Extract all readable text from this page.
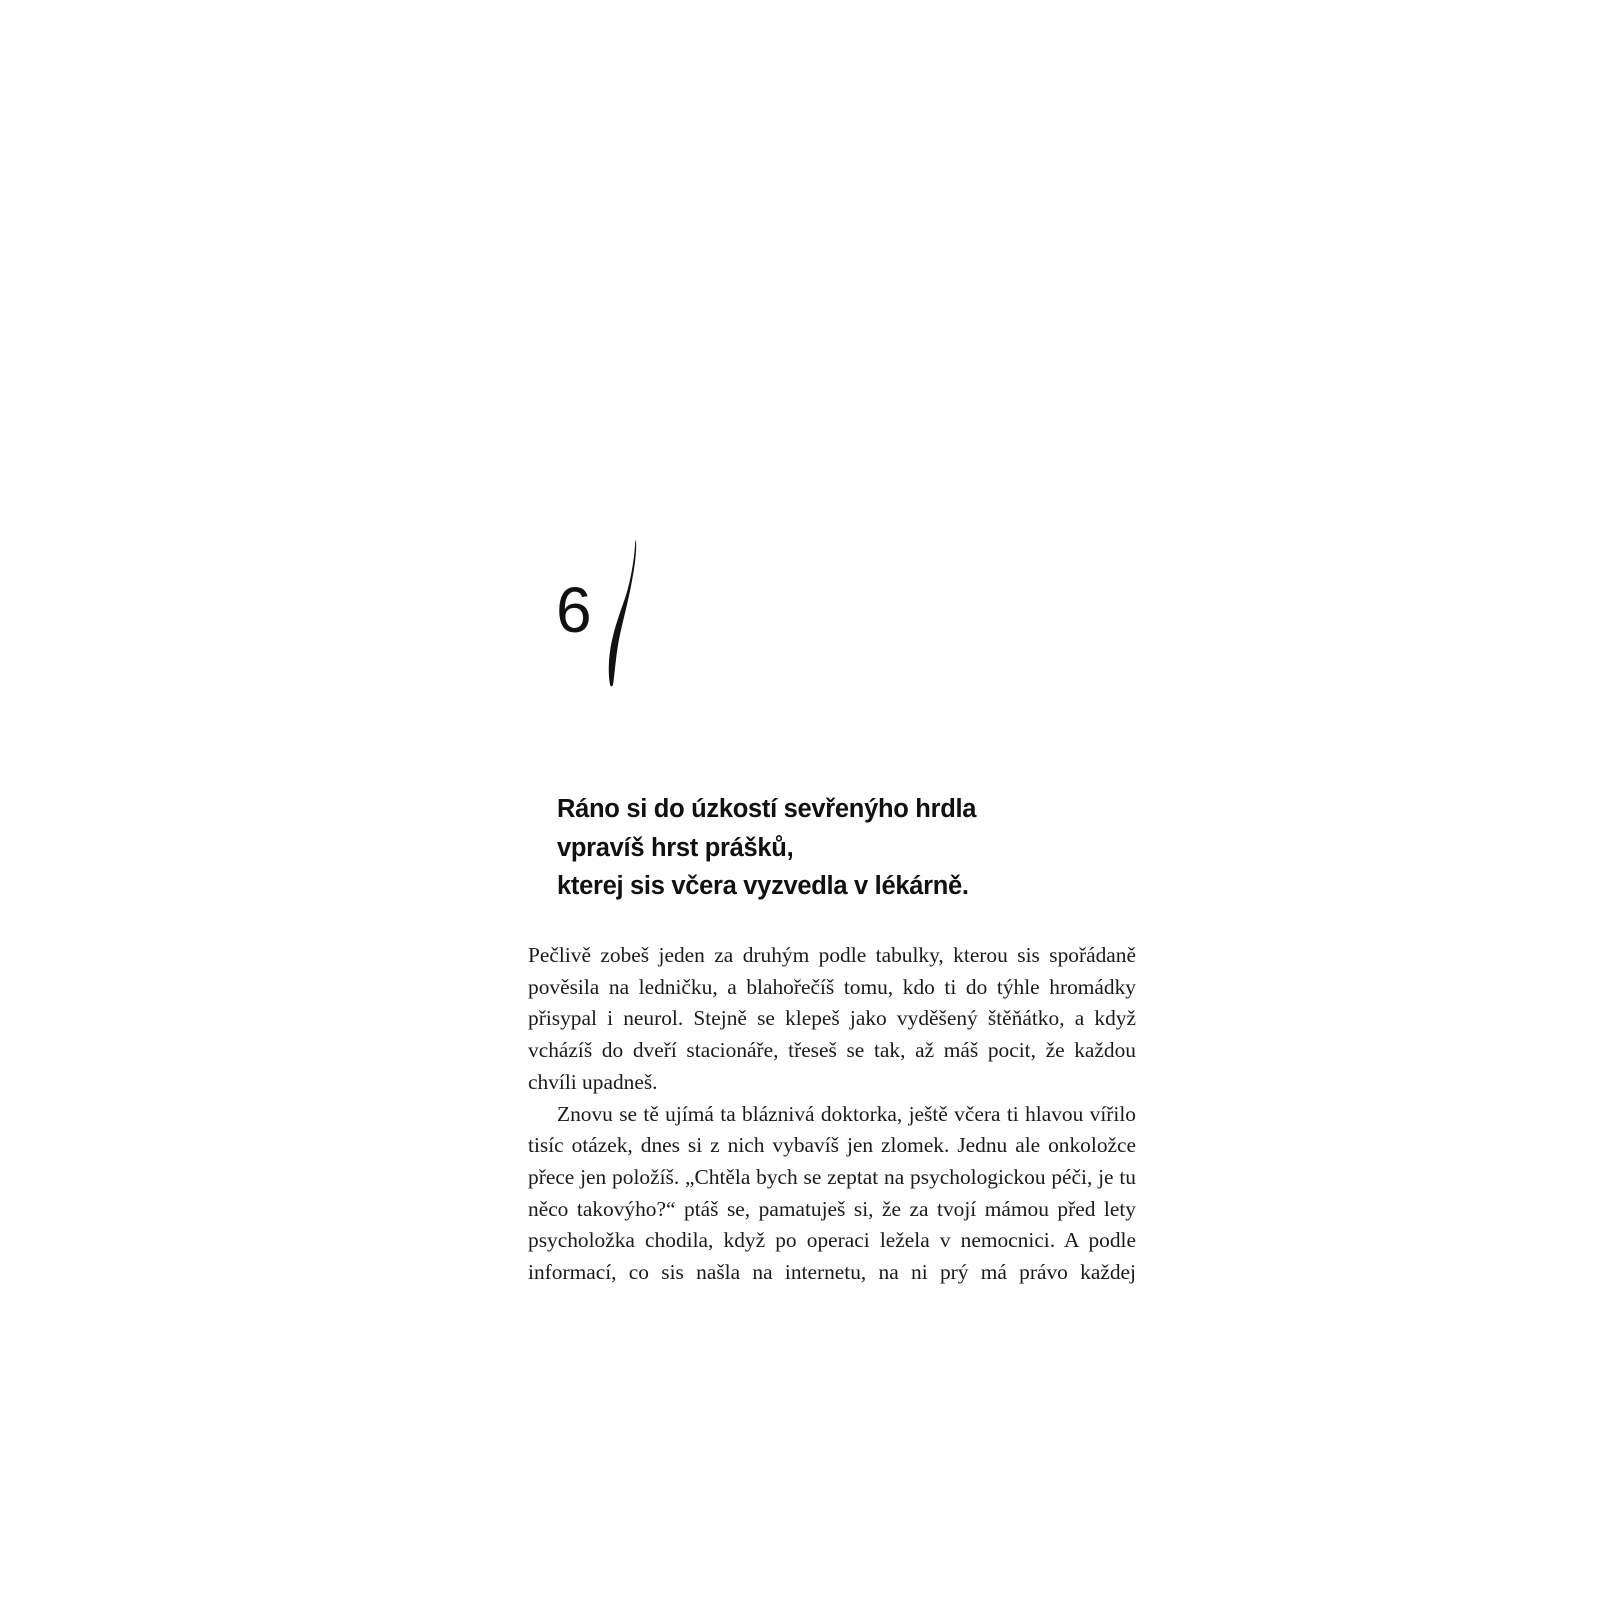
6
Ráno si do úzkostí sevřenýho hrdla
vpravíš hrst prášků,
kterej sis včera vyzvedla v lékárně.

Pečlivě zobeš jeden za druhým podle tabulky, kterou sis spořádaně pověsila na ledničku, a blahořečíš tomu, kdo ti do týhle hromádky přisypal i neurol. Stejně se klepeš jako vyděšený štěňátko, a když vcházíš do dveří stacionáře, třeseš se tak, až máš pocit, že každou chvíli upadneš.

Znovu se tě ujímá ta bláznivá doktorka, ještě včera ti hlavou vířilo tisíc otázek, dnes si z nich vybavíš jen zlomek. Jednu ale onkoložce přece jen položíš. „Chtěla bych se zeptat na psychologickou péči, je tu něco takovýho?“ ptáš se, pamatuješ si, že za tvojí mámou před lety psycholožka chodila, když po operaci ležela v nemocnici. A podle informací, co sis našla na internetu, na ni prý má právo každej
